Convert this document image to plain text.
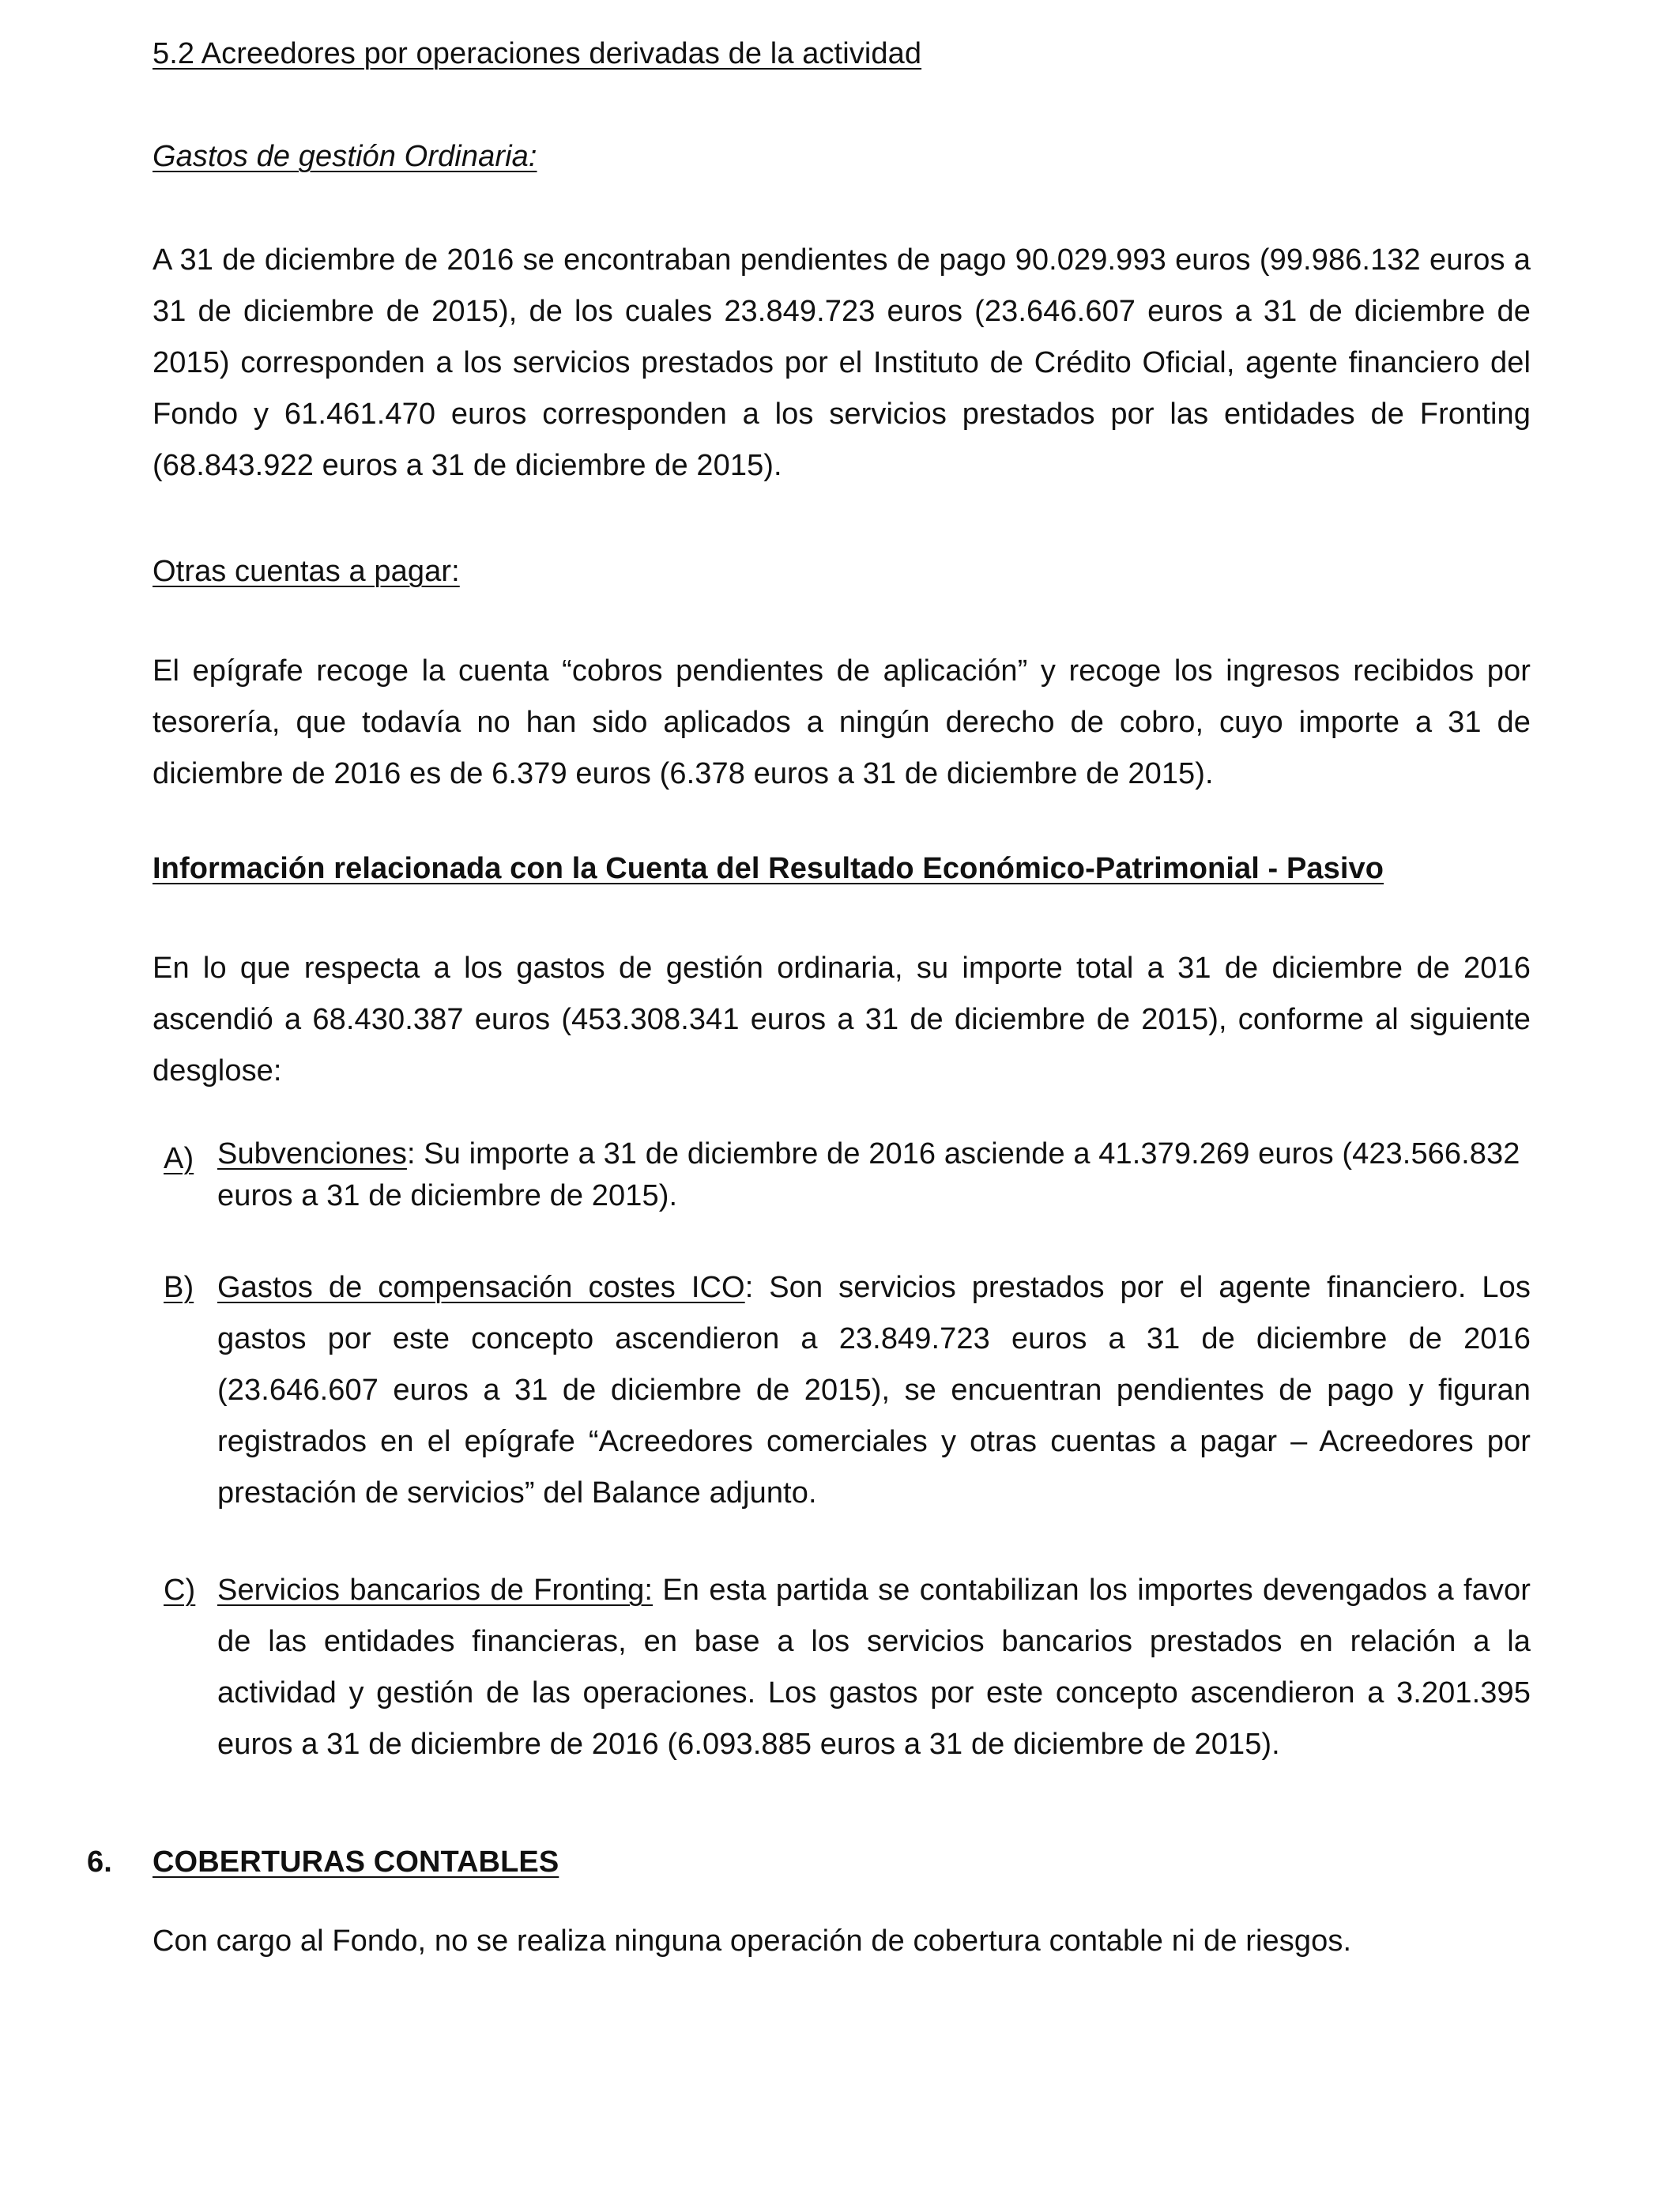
5.2 Acreedores por operaciones derivadas de la actividad

Gastos de gestión Ordinaria:

A 31 de diciembre de 2016 se encontraban pendientes de pago 90.029.993 euros (99.986.132 euros a 31 de diciembre de 2015), de los cuales 23.849.723 euros (23.646.607 euros a 31 de diciembre de 2015) corresponden a los servicios prestados por el Instituto de Crédito Oficial, agente financiero del Fondo y 61.461.470 euros corresponden a los servicios prestados por las entidades de Fronting (68.843.922 euros a 31 de diciembre de 2015).

Otras cuentas a pagar:

El epígrafe recoge la cuenta “cobros pendientes de aplicación” y recoge los ingresos recibidos por tesorería, que todavía no han sido aplicados a ningún derecho de cobro, cuyo importe a 31 de diciembre de 2016 es de 6.379 euros (6.378 euros a 31 de diciembre de 2015).

Información relacionada con la Cuenta del Resultado Económico-Patrimonial - Pasivo

En lo que respecta a los gastos de gestión ordinaria, su importe total a 31 de diciembre de 2016 ascendió a 68.430.387 euros (453.308.341 euros a 31 de diciembre de 2015), conforme al siguiente desglose:

A) Subvenciones: Su importe a 31 de diciembre de 2016 asciende a 41.379.269 euros (423.566.832 euros a 31 de diciembre de 2015).

B) Gastos de compensación costes ICO: Son servicios prestados por el agente financiero. Los gastos por este concepto ascendieron a 23.849.723 euros a 31 de diciembre de 2016 (23.646.607 euros a 31 de diciembre de 2015), se encuentran pendientes de pago y figuran registrados en el epígrafe “Acreedores comerciales y otras cuentas a pagar – Acreedores por prestación de servicios” del Balance adjunto.

C) Servicios bancarios de Fronting: En esta partida se contabilizan los importes devengados a favor de las entidades financieras, en base a los servicios bancarios prestados en relación a la actividad y gestión de las operaciones. Los gastos por este concepto ascendieron a 3.201.395 euros a 31 de diciembre de 2016 (6.093.885 euros a 31 de diciembre de 2015).

6.	COBERTURAS CONTABLES

Con cargo al Fondo, no se realiza ninguna operación de cobertura contable ni de riesgos.
